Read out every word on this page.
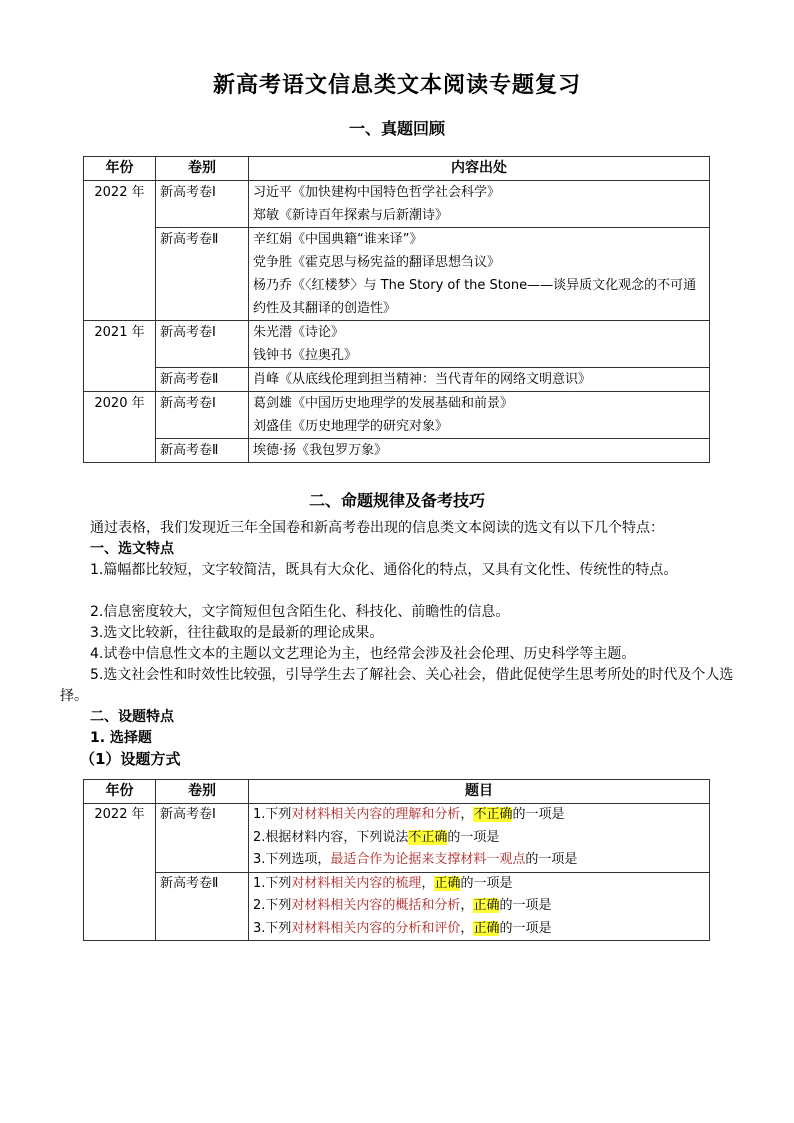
新高考语文信息类文本阅读专题复习
一、真题回顾
年份	卷别	内容出处
2022 年	新高考卷Ⅰ	习近平《加快建构中国特色哲学社会科学》
郑敏《新诗百年探索与后新潮诗》

	新高考卷Ⅱ	辛红娟《中国典籍“谁来译”》
党争胜《霍克思与杨宪益的翻译思想刍议》
杨乃乔《〈红楼梦〉与 The Story of the Stone——谈异质文化观念的不可通约性及其翻译的创造性》

2021 年	新高考卷Ⅰ	朱光潜《诗论》
钱钟书《拉奥孔》

	新高考卷Ⅱ	肖峰《从底线伦理到担当精神：当代青年的网络文明意识》

2020 年	新高考卷Ⅰ	葛剑雄《中国历史地理学的发展基础和前景》
刘盛佳《历史地理学的研究对象》

	新高考卷Ⅱ	埃德·扬《我包罗万象》
二、命题规律及备考技巧
通过表格，我们发现近三年全国卷和新高考卷出现的信息类文本阅读的选文有以下几个特点：
一、选文特点
1.篇幅都比较短，文字较简洁，既具有大众化、通俗化的特点，又具有文化性、传统性的特点。
2.信息密度较大，文字简短但包含陌生化、科技化、前瞻性的信息。
3.选文比较新，往往截取的是最新的理论成果。
4.试卷中信息性文本的主题以文艺理论为主，也经常会涉及社会伦理、历史科学等主题。
5.选文社会性和时效性比较强，引导学生去了解社会、关心社会，借此促使学生思考所处的时代及个人选择。
二、设题特点
1. 选择题
（1）设题方式
年份	卷别	题目
2022 年	新高考卷Ⅰ	1.下列对材料相关内容的理解和分析，不正确的一项是
2.根据材料内容，下列说法不正确的一项是
3.下列选项，最适合作为论据来支撑材料一观点的一项是

	新高考卷Ⅱ	1.下列对材料相关内容的梳理，正确的一项是
2.下列对材料相关内容的概括和分析，正确的一项是
3.下列对材料相关内容的分析和评价，正确的一项是
